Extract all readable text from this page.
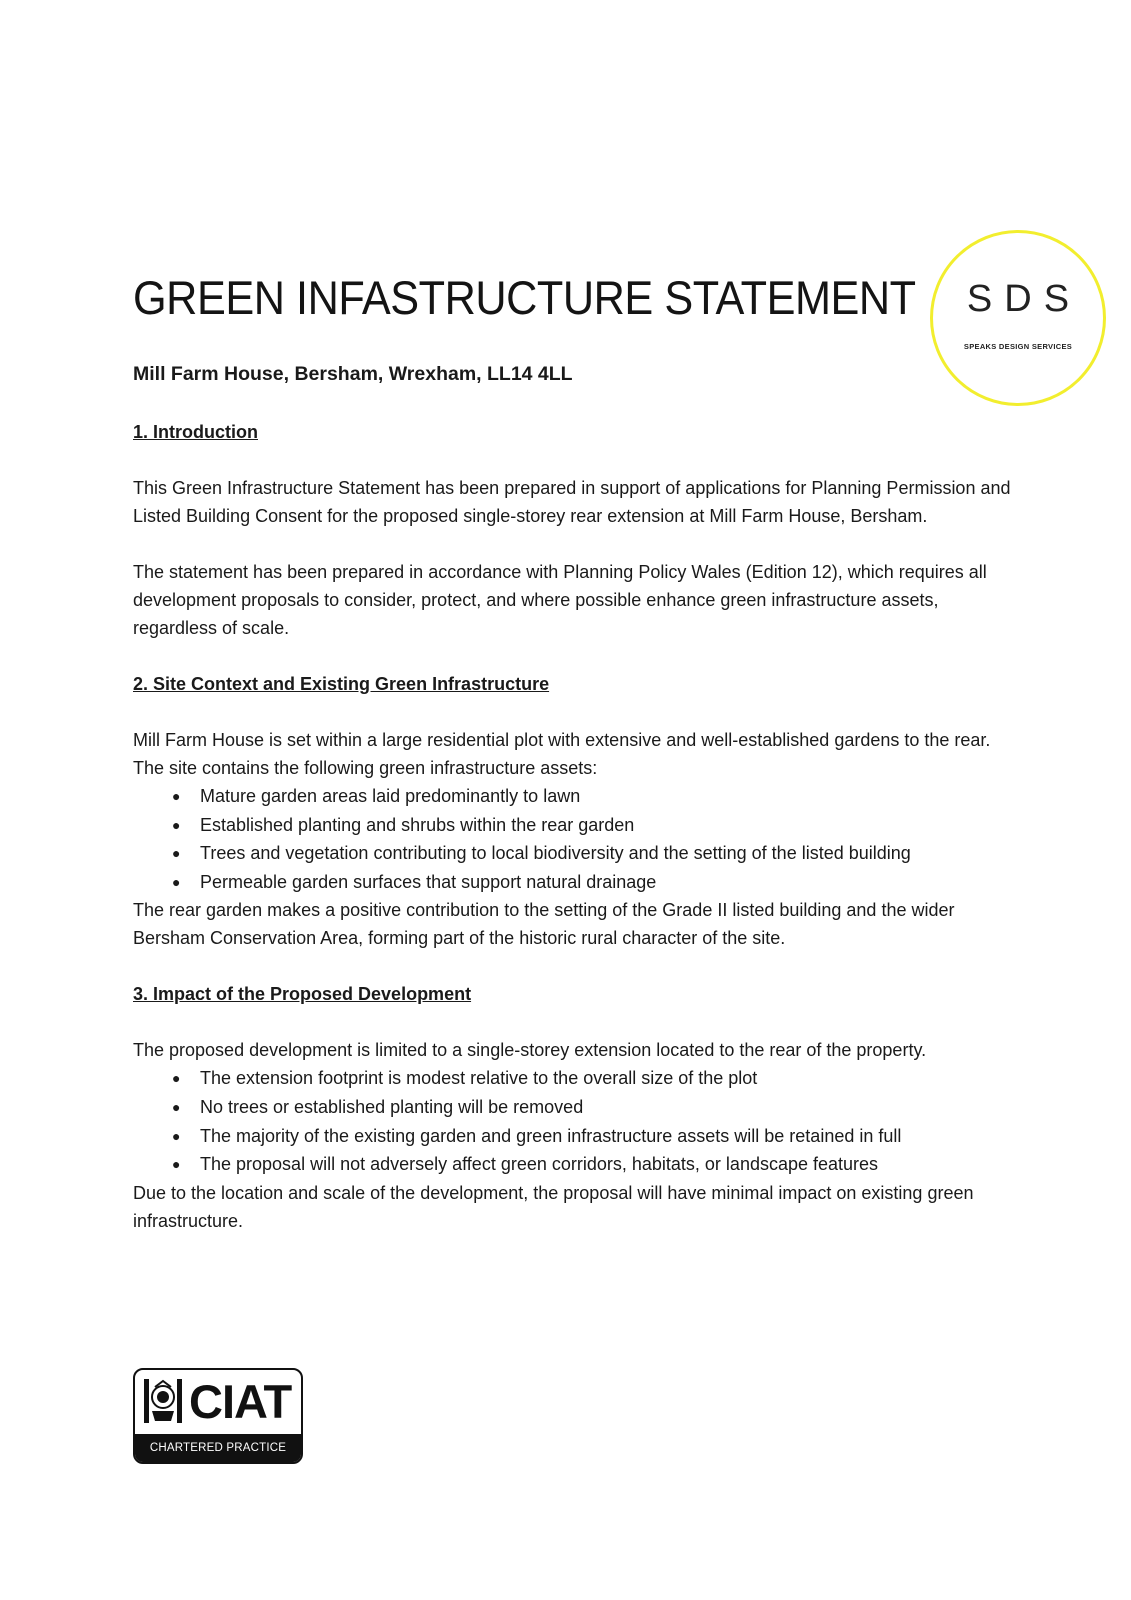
GREEN INFASTRUCTURE STATEMENT	SDS
SPEAKS DESIGN SERVICES
Mill Farm House, Bersham, Wrexham, LL14 4LL
1. Introduction

This Green Infrastructure Statement has been prepared in support of applications for Planning Permission and Listed Building Consent for the proposed single-storey rear extension at Mill Farm House, Bersham.

The statement has been prepared in accordance with Planning Policy Wales (Edition 12), which requires all development proposals to consider, protect, and where possible enhance green infrastructure assets, regardless of scale.

2. Site Context and Existing Green Infrastructure

Mill Farm House is set within a large residential plot with extensive and well-established gardens to the rear. The site contains the following green infrastructure assets:

● Mature garden areas laid predominantly to lawn
● Established planting and shrubs within the rear garden
● Trees and vegetation contributing to local biodiversity and the setting of the listed building
● Permeable garden surfaces that support natural drainage

The rear garden makes a positive contribution to the setting of the Grade II listed building and the wider Bersham Conservation Area, forming part of the historic rural character of the site.

3. Impact of the Proposed Development

The proposed development is limited to a single-storey extension located to the rear of the property.

● The extension footprint is modest relative to the overall size of the plot
● No trees or established planting will be removed
● The majority of the existing garden and green infrastructure assets will be retained in full
● The proposal will not adversely affect green corridors, habitats, or landscape features

Due to the location and scale of the development, the proposal will have minimal impact on existing green infrastructure.

CIAT
CHARTERED PRACTICE
